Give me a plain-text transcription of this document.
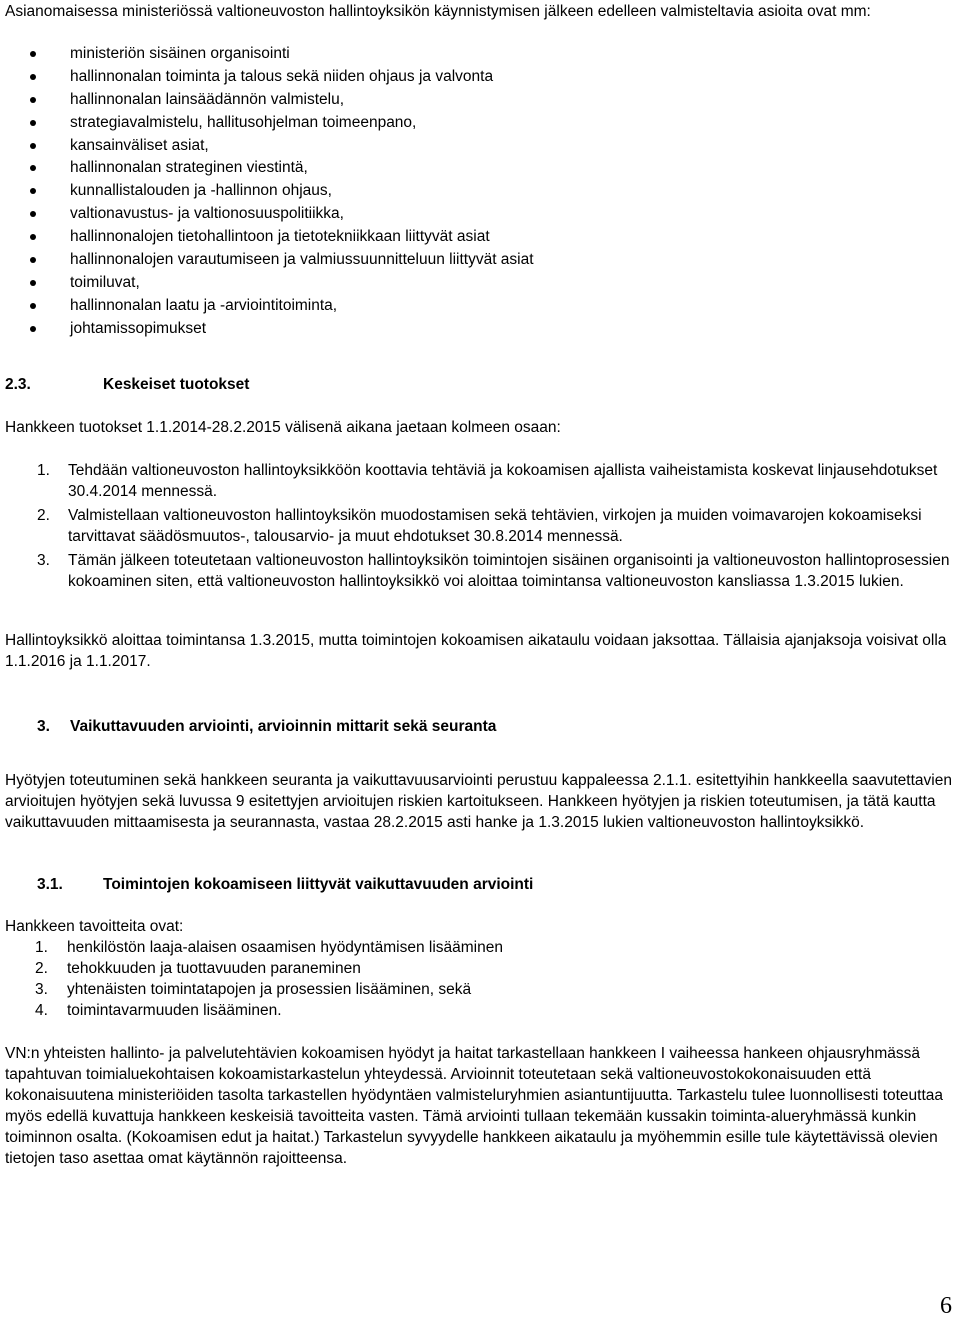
Asianomaisessa ministeriössä valtioneuvoston hallintoyksikön käynnistymisen jälkeen edelleen valmisteltavia asioita ovat mm:

ministeriön sisäinen organisointi
hallinnonalan toiminta ja talous sekä niiden ohjaus ja valvonta
hallinnonalan lainsäädännön valmistelu,
strategiavalmistelu, hallitusohjelman toimeenpano,
kansainväliset asiat,
hallinnonalan strateginen viestintä,
kunnallistalouden ja -hallinnon ohjaus,
valtionavustus- ja valtionosuuspolitiikka,
hallinnonalojen tietohallintoon ja tietotekniikkaan liittyvät asiat
hallinnonalojen varautumiseen ja valmiussuunnitteluun liittyvät asiat
toimiluvat,
hallinnonalan laatu ja -arviointitoiminta,
johtamissopimukset
2.3.	Keskeiset tuotokset

Hankkeen tuotokset 1.1.2014-28.2.2015 välisenä aikana jaetaan kolmeen osaan:

1. Tehdään valtioneuvoston hallintoyksikköön koottavia tehtäviä ja kokoamisen ajallista vaiheistamista koskevat linjausehdotukset 30.4.2014 mennessä.
2. Valmistellaan valtioneuvoston hallintoyksikön muodostamisen sekä tehtävien, virkojen ja muiden voimavarojen kokoamiseksi tarvittavat säädösmuutos-, talousarvio- ja muut ehdotukset 30.8.2014 mennessä.
3. Tämän jälkeen toteutetaan valtioneuvoston hallintoyksikön toimintojen sisäinen organisointi ja valtioneuvoston hallintoprosessien kokoaminen siten, että valtioneuvoston hallintoyksikkö voi aloittaa toimintansa valtioneuvoston kansliassa 1.3.2015 lukien.

Hallintoyksikkö aloittaa toimintansa 1.3.2015, mutta toimintojen kokoamisen aikataulu voidaan jaksottaa. Tällaisia ajanjaksoja voisivat olla 1.1.2016 ja 1.1.2017.

3. Vaikuttavuuden arviointi, arvioinnin mittarit sekä seuranta

Hyötyjen toteutuminen sekä hankkeen seuranta ja vaikuttavuusarviointi perustuu kappaleessa 2.1.1. esitettyihin hankkeella saavutettavien arvioitujen hyötyjen sekä luvussa 9 esitettyjen arvioitujen riskien kartoitukseen. Hankkeen hyötyjen ja riskien toteutumisen, ja tätä kautta vaikuttavuuden mittaamisesta ja seurannasta, vastaa 28.2.2015 asti hanke ja 1.3.2015 lukien valtioneuvoston hallintoyksikkö.

3.1.	Toimintojen kokoamiseen liittyvät vaikuttavuuden arviointi

Hankkeen tavoitteita ovat:

1. henkilöstön laaja-alaisen osaamisen hyödyntämisen lisääminen
2. tehokkuuden ja tuottavuuden paraneminen
3. yhtenäisten toimintatapojen ja prosessien lisääminen, sekä
4. toimintavarmuuden lisääminen.

VN:n yhteisten hallinto- ja palvelutehtävien kokoamisen hyödyt ja haitat tarkastellaan hankkeen I vaiheessa hankeen ohjausryhmässä tapahtuvan toimialuekohtaisen kokoamistarkastelun yhteydessä. Arvioinnit toteutetaan sekä valtioneuvostokokonaisuuden että kokonaisuutena ministeriöiden tasolta tarkastellen hyödyntäen valmisteluryhmien asiantuntijuutta. Tarkastelu tulee luonnollisesti toteuttaa myös edellä kuvattuja hankkeen keskeisiä tavoitteita vasten. Tämä arviointi tullaan tekemään kussakin toiminta-alueryhmässä kunkin toiminnon osalta. (Kokoamisen edut ja haitat.) Tarkastelun syvyydelle hankkeen aikataulu ja myöhemmin esille tule käytettävissä olevien tietojen taso asettaa omat käytännön rajoitteensa.

6
